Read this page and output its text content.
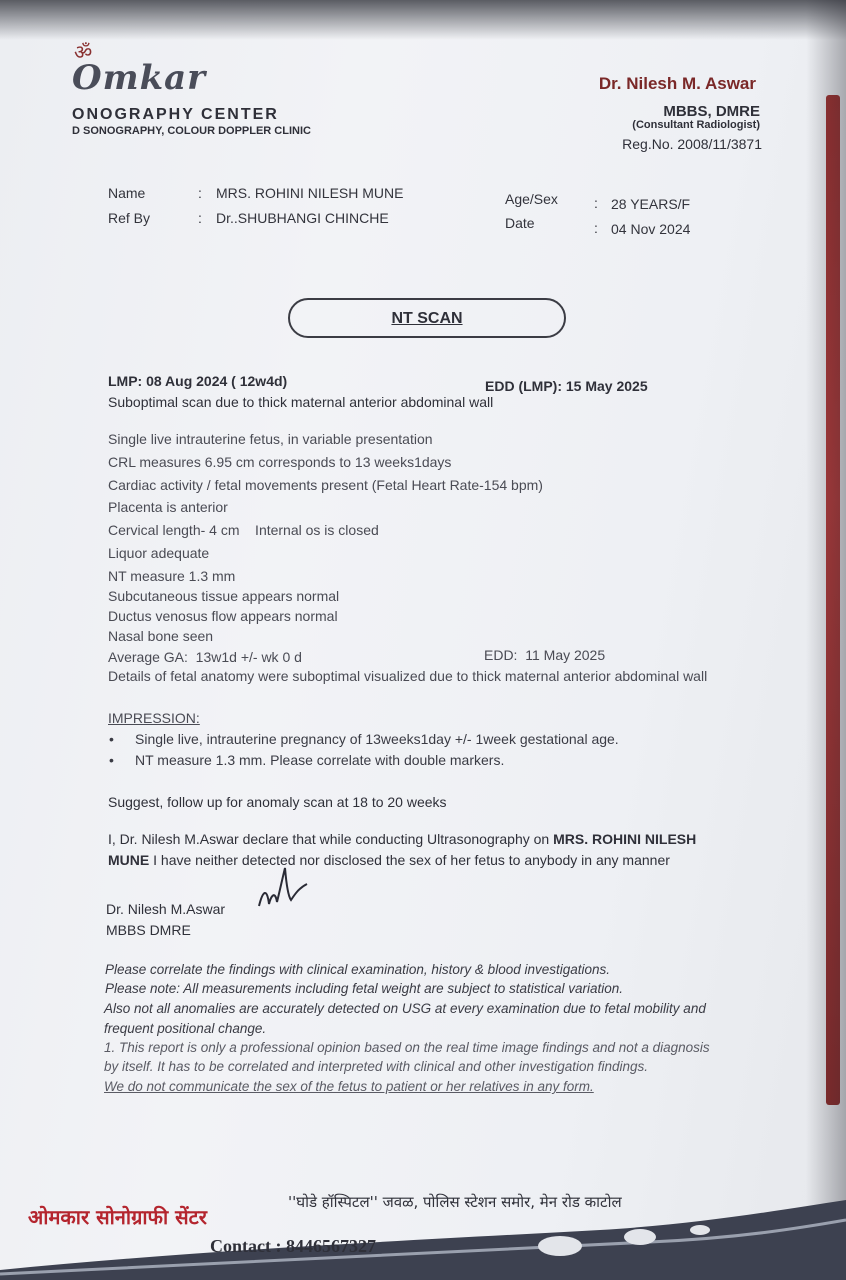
ॐ
Omkar
ONOGRAPHY CENTER
D SONOGRAPHY, COLOUR DOPPLER CLINIC
Dr. Nilesh M. Aswar
MBBS, DMRE
(Consultant Radiologist)
Reg.No. 2008/11/3871
Name	: MRS. ROHINI NILESH MUNE
Ref By	: Dr..SHUBHANGI CHINCHE
Age/Sex	: 28 YEARS/F
Date	: 04 Nov 2024
NT SCAN
LMP: 08 Aug 2024 ( 12w4d)	EDD (LMP): 15 May 2025
Suboptimal scan due to thick maternal anterior abdominal wall
Single live intrauterine fetus, in variable presentation
CRL measures 6.95 cm corresponds to 13 weeks1days
Cardiac activity / fetal movements present (Fetal Heart Rate-154 bpm)
Placenta is anterior
Cervical length- 4 cm    Internal os is closed
Liquor adequate
NT measure 1.3 mm
Subcutaneous tissue appears normal
Ductus venosus flow appears normal
Nasal bone seen
Average GA:  13w1d +/- wk 0 d	EDD:  11 May 2025
Details of fetal anatomy were suboptimal visualized due to thick maternal anterior abdominal wall
IMPRESSION:
• Single live, intrauterine pregnancy of 13weeks1day +/- 1week gestational age.
• NT measure 1.3 mm. Please correlate with double markers.
Suggest, follow up for anomaly scan at 18 to 20 weeks
I, Dr. Nilesh M.Aswar declare that while conducting Ultrasonography on MRS. ROHINI NILESH
MUNE I have neither detected nor disclosed the sex of her fetus to anybody in any manner
Dr. Nilesh M.Aswar
MBBS DMRE
Please correlate the findings with clinical examination, history & blood investigations.
Please note: All measurements including fetal weight are subject to statistical variation.
Also not all anomalies are accurately detected on USG at every examination due to fetal mobility and
frequent positional change.
1. This report is only a professional opinion based on the real time image findings and not a diagnosis
by itself. It has to be correlated and interpreted with clinical and other investigation findings.
We do not communicate the sex of the fetus to patient or her relatives in any form.
ओमकार सोनोग्राफी सेंटर
''घोडे हॉस्पिटल'' जवळ, पोलिस स्टेशन समोर, मेन रोड काटोल
Contact : 8446567327
